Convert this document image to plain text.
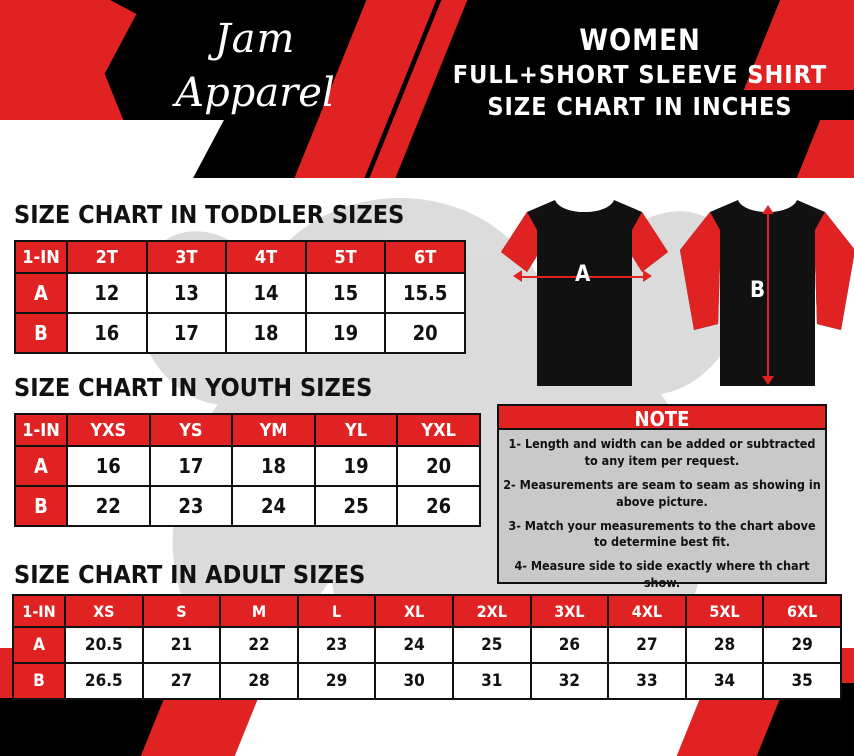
Jam
Apparel
WOMEN
FULL+SHORT SLEEVE SHIRT
SIZE CHART IN INCHES
A
B
SIZE CHART IN TODDLER SIZES
1-IN	2T	3T	4T	5T	6T
A	12	13	14	15	15.5
B	16	17	18	19	20
SIZE CHART IN YOUTH SIZES
1-IN	YXS	YS	YM	YL	YXL
A	16	17	18	19	20
B	22	23	24	25	26
NOTE
1- Length and width can be added or subtracted to any item per request.
2- Measurements are seam to seam as showing in above picture.
3- Match your measurements to the chart above to determine best fit.
4- Measure side to side exactly where th chart show.
SIZE CHART IN ADULT SIZES
1-IN	XS	S	M	L	XL	2XL	3XL	4XL	5XL	6XL
A	20.5	21	22	23	24	25	26	27	28	29
B	26.5	27	28	29	30	31	32	33	34	35
